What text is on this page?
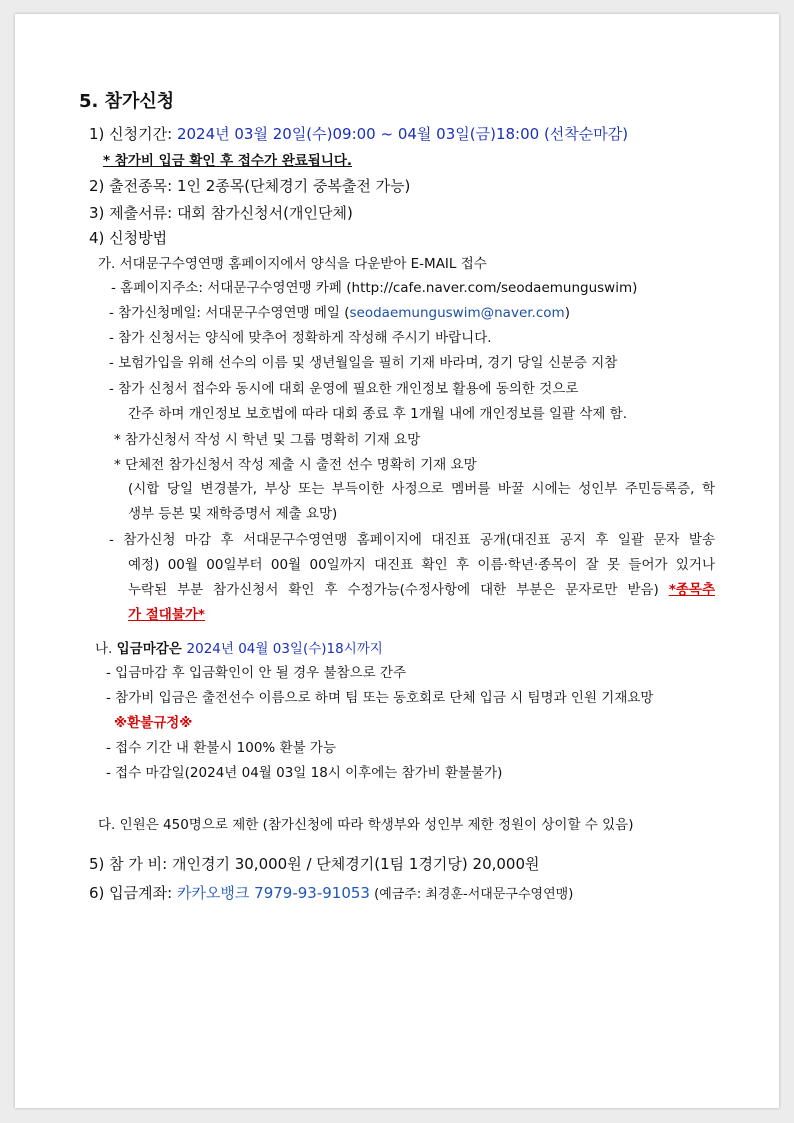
5. 참가신청
1) 신청기간: 2024년 03월 20일(수)09:00 ~ 04월 03일(금)18:00 (선착순마감)
* 참가비 입금 확인 후 접수가 완료됩니다.
2) 출전종목: 1인 2종목(단체경기 중복출전 가능)
3) 제출서류: 대회 참가신청서(개인단체)
4) 신청방법
가. 서대문구수영연맹 홈페이지에서 양식을 다운받아 E-MAIL 접수
- 홈페이지주소: 서대문구수영연맹 카페 (http://cafe.naver.com/seodaemunguswim)
- 참가신청메일: 서대문구수영연맹 메일 (seodaemunguswim@naver.com)
- 참가 신청서는 양식에 맞추어 정확하게 작성해 주시기 바랍니다.
- 보험가입을 위해 선수의 이름 및 생년월일을 필히 기재 바라며, 경기 당일 신분증 지참
- 참가 신청서 접수와 동시에 대회 운영에 필요한 개인정보 활용에 동의한 것으로
간주 하며 개인정보 보호법에 따라 대회 종료 후 1개월 내에 개인정보를 일괄 삭제 함.
* 참가신청서 작성 시 학년 및 그룹 명확히 기재 요망
* 단체전 참가신청서 작성 제출 시 출전 선수 명확히 기재 요망
(시합 당일 변경불가, 부상 또는 부득이한 사정으로 멤버를 바꿀 시에는 성인부 주민등록증, 학
생부 등본 및 재학증명서 제출 요망)
- 참가신청 마감 후 서대문구수영연맹 홈페이지에 대진표 공개(대진표 공지 후 일괄 문자 발송
예정) 00월 00일부터 00월 00일까지 대진표 확인 후 이름·학년·종목이 잘 못 들어가 있거나
누락된 부분 참가신청서 확인 후 수정가능(수정사항에 대한 부분은 문자로만 받음) *종목추
가 절대불가*
나. 입금마감은 2024년 04월 03일(수)18시까지
- 입금마감 후 입금확인이 안 될 경우 불참으로 간주
- 참가비 입금은 출전선수 이름으로 하며 팀 또는 동호회로 단체 입금 시 팀명과 인원 기재요망
※환불규정※
- 접수 기간 내 환불시 100% 환불 가능
- 접수 마감일(2024년 04월 03일 18시 이후에는 참가비 환불불가)
다. 인원은 450명으로 제한 (참가신청에 따라 학생부와 성인부 제한 정원이 상이할 수 있음)
5) 참 가 비: 개인경기 30,000원 / 단체경기(1팀 1경기당) 20,000원
6) 입금계좌: 카카오뱅크 7979-93-91053 (예금주: 최경훈-서대문구수영연맹)
